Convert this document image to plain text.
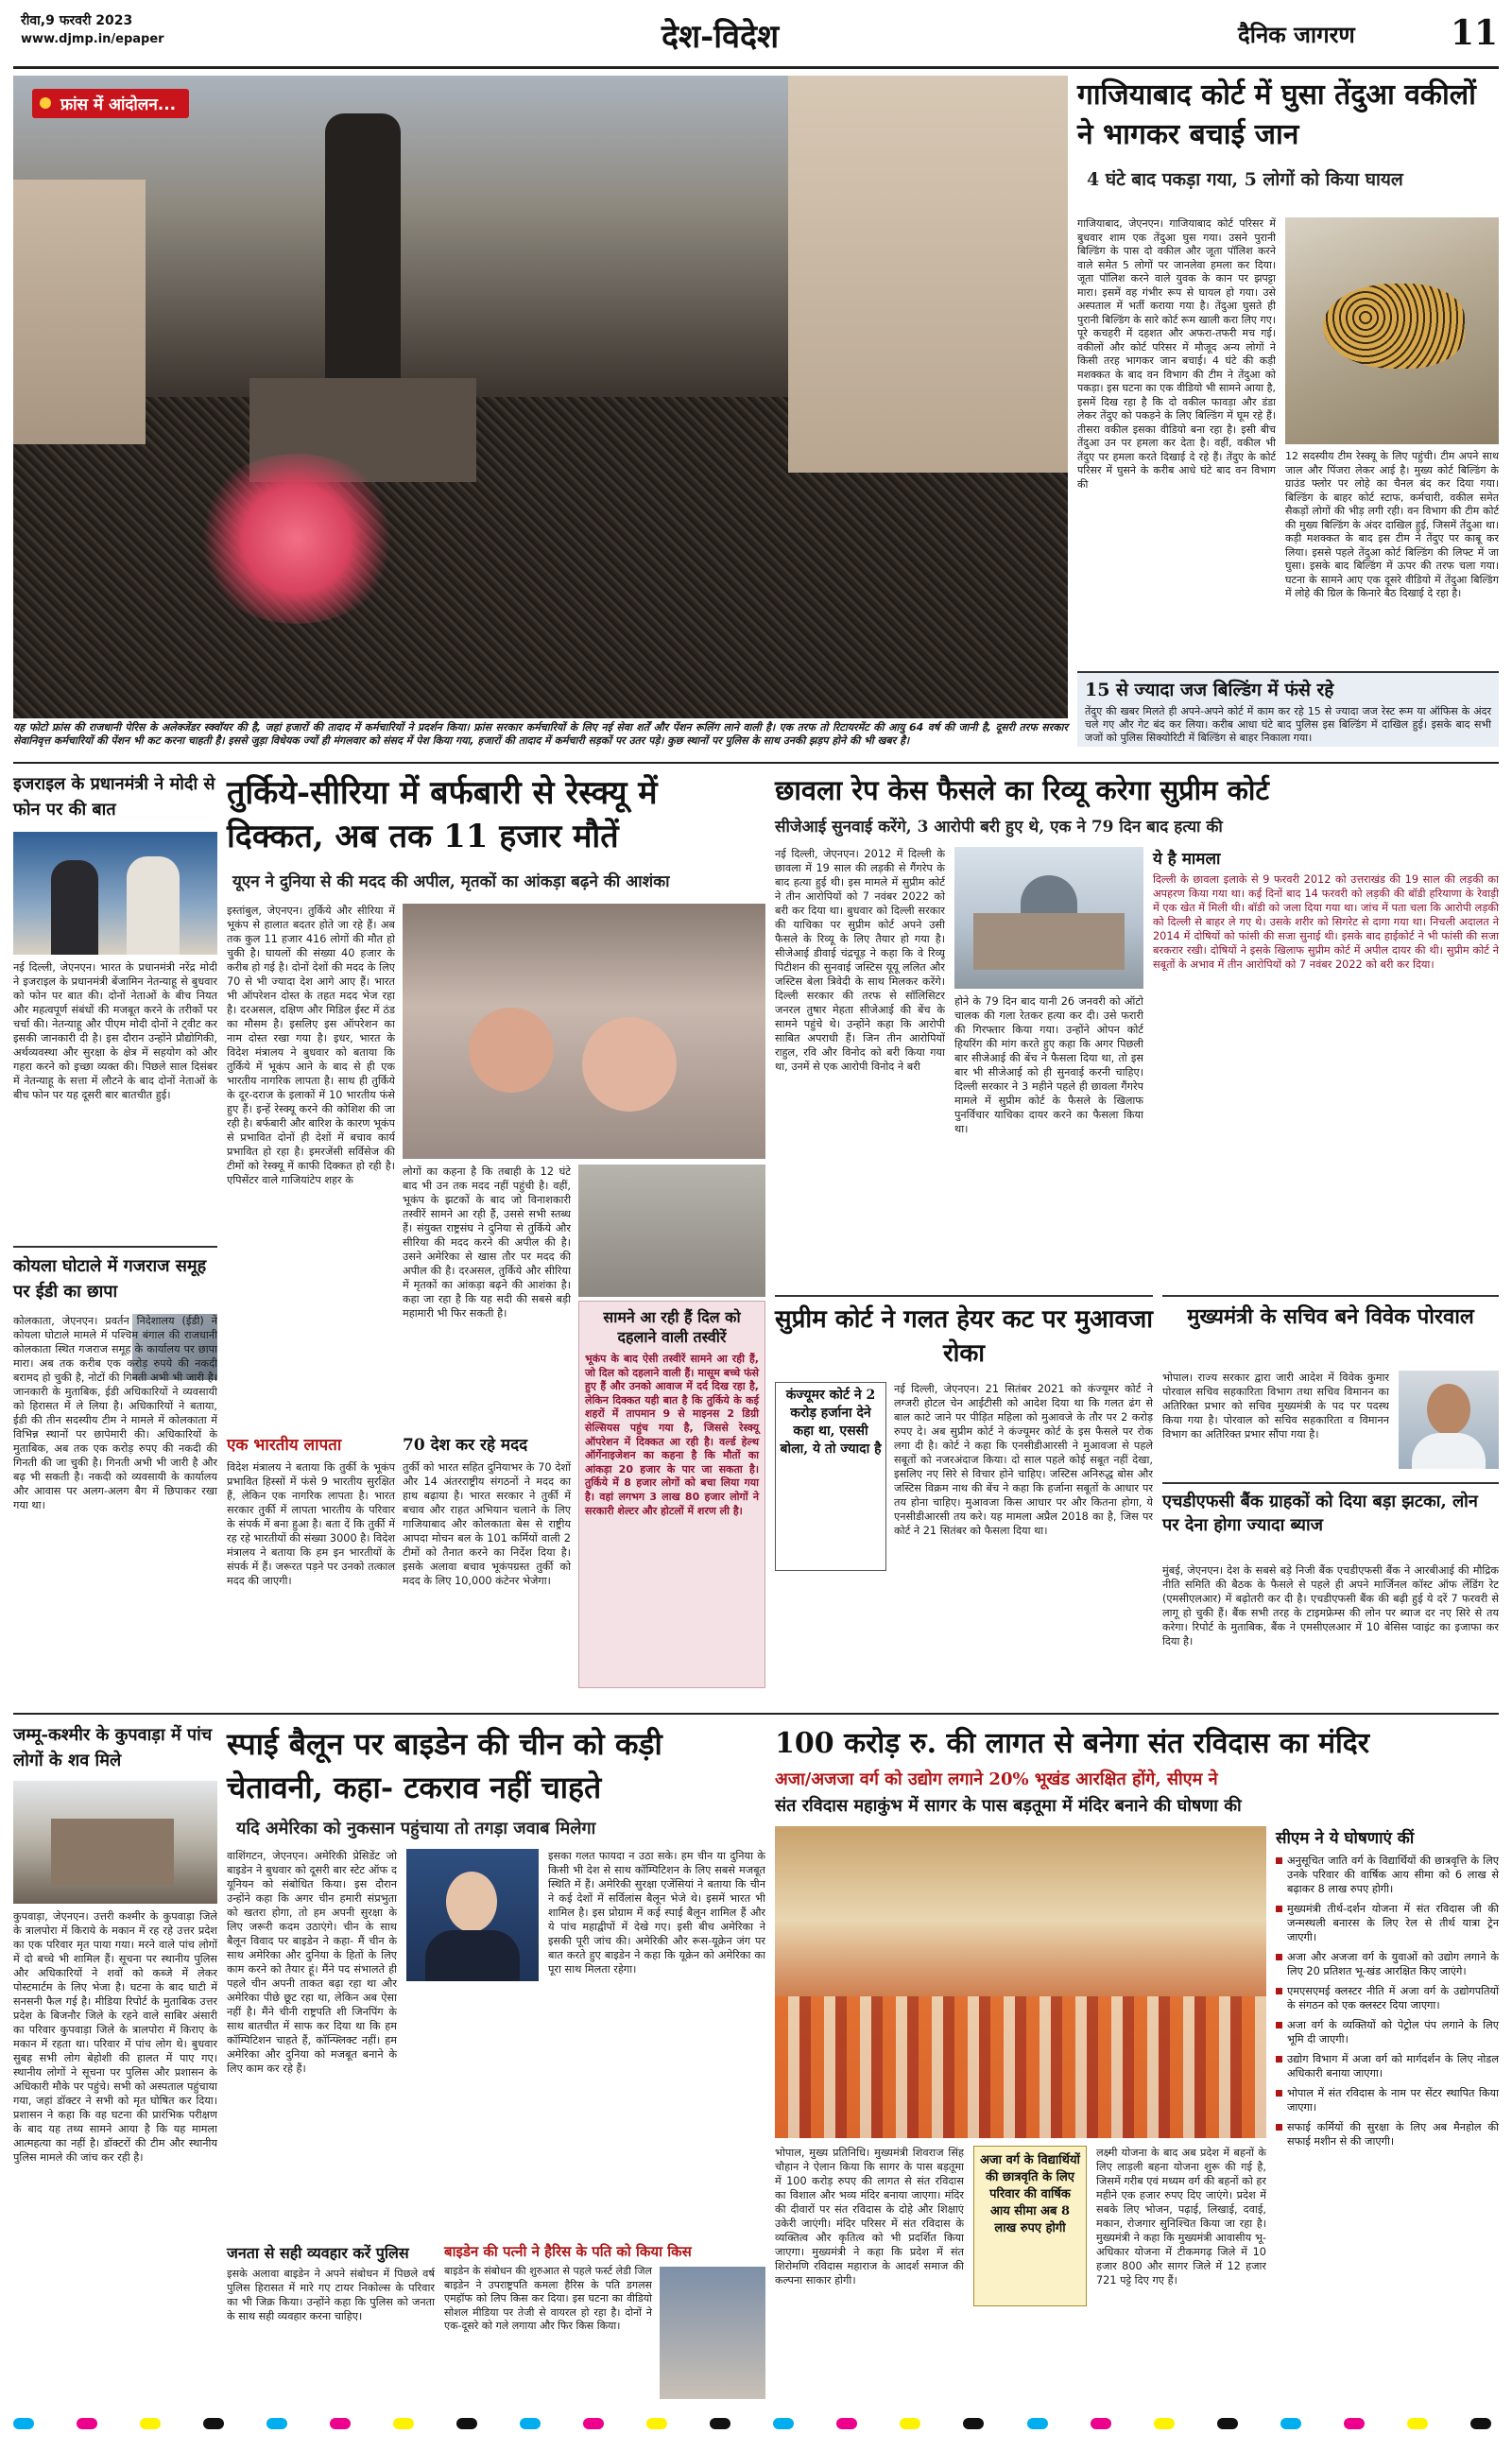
रीवा,9 फरवरी 2023
www.djmp.in/epaper	देश-विदेश	दैनिक जागरण	11
फ्रांस में आंदोलन...
यह फोटो फ्रांस की राजधानी पेरिस के अलेक्जेंडर स्क्वॉयर की है, जहां हजारों की तादाद में कर्मचारियों ने प्रदर्शन किया। फ्रांस सरकार कर्मचारियों के लिए नई सेवा शर्तें और पेंशन रूलिंग लाने वाली है। एक तरफ तो रिटायरमेंट की आयु 64 वर्ष की जानी है, दूसरी तरफ सरकार सेवानिवृत्त कर्मचारियों की पेंशन भी कट करना चाहती है। इससे जुड़ा विधेयक ज्यों ही मंगलवार को संसद में पेश किया गया, हजारों की तादाद में कर्मचारी सड़कों पर उतर पड़े। कुछ स्थानों पर पुलिस के साथ उनकी झड़प होने की भी खबर है।
गाजियाबाद कोर्ट में घुसा तेंदुआ वकीलों ने भागकर बचाई जान
4 घंटे बाद पकड़ा गया, 5 लोगों को किया घायल
गाजियाबाद, जेएनएन। गाजियाबाद कोर्ट परिसर में बुधवार शाम एक तेंदुआ घुस गया। उसने पुरानी बिल्डिंग के पास दो वकील और जूता पॉलिश करने वाले समेत 5 लोगों पर जानलेवा हमला कर दिया। जूता पॉलिश करने वाले युवक के कान पर झपट्टा मारा। इसमें वह गंभीर रूप से घायल हो गया। उसे अस्पताल में भर्ती कराया गया है। तेंदुआ घुसते ही पुरानी बिल्डिंग के सारे कोर्ट रूम खाली करा लिए गए। पूरे कचहरी में दहशत और अफरा-तफरी मच गई। वकीलों और कोर्ट परिसर में मौजूद अन्य लोगों ने किसी तरह भागकर जान बचाई। 4 घंटे की कड़ी मशक्कत के बाद वन विभाग की टीम ने तेंदुआ को पकड़ा। इस घटना का एक वीडियो भी सामने आया है, इसमें दिख रहा है कि दो वकील फावड़ा और डंडा लेकर तेंदुए को पकड़ने के लिए बिल्डिंग में घूम रहे हैं। तीसरा वकील इसका वीडियो बना रहा है। इसी बीच तेंदुआ उन पर हमला कर देता है। वहीं, वकील भी तेंदुए पर हमला करते दिखाई दे रहे हैं। तेंदुए के कोर्ट परिसर में घुसने के करीब आधे घंटे बाद वन विभाग की
12 सदस्यीय टीम रेस्क्यू के लिए पहुंची। टीम अपने साथ जाल और पिंजरा लेकर आई है। मुख्य कोर्ट बिल्डिंग के ग्राउंड फ्लोर पर लोहे का चैनल बंद कर दिया गया। बिल्डिंग के बाहर कोर्ट स्टाफ, कर्मचारी, वकील समेत सैकड़ों लोगों की भीड़ लगी रही। वन विभाग की टीम कोर्ट की मुख्य बिल्डिंग के अंदर दाखिल हुई, जिसमें तेंदुआ था। कड़ी मशक्कत के बाद इस टीम ने तेंदुए पर काबू कर लिया। इससे पहले तेंदुआ कोर्ट बिल्डिंग की लिफ्ट में जा घुसा। इसके बाद बिल्डिंग में ऊपर की तरफ चला गया। घटना के सामने आए एक दूसरे वीडियो में तेंदुआ बिल्डिंग में लोहे की ग्रिल के किनारे बैठ दिखाई दे रहा है।
15 से ज्यादा जज बिल्डिंग में फंसे रहे
तेंदुए की खबर मिलते ही अपने-अपने कोर्ट में काम कर रहे 15 से ज्यादा जज रेस्ट रूम या ऑफिस के अंदर चले गए और गेट बंद कर लिया। करीब आधा घंटे बाद पुलिस इस बिल्डिंग में दाखिल हुई। इसके बाद सभी जजों को पुलिस सिक्योरिटी में बिल्डिंग से बाहर निकाला गया।
इजराइल के प्रधानमंत्री ने मोदी से फोन पर की बात
नई दिल्ली, जेएनएन। भारत के प्रधानमंत्री नरेंद्र मोदी ने इजराइल के प्रधानमंत्री बेंजामिन नेतन्याहू से बुधवार को फोन पर बात की। दोनों नेताओं के बीच नियत और महत्वपूर्ण संबंधों की मजबूत करने के तरीकों पर चर्चा की। नेतन्याहू और पीएम मोदी दोनों ने ट्वीट कर इसकी जानकारी दी है। इस दौरान उन्होंने प्रौद्योगिकी, अर्थव्यवस्था और सुरक्षा के क्षेत्र में सहयोग को और गहरा करने को इच्छा व्यक्त की। पिछले साल दिसंबर में नेतन्याहू के सत्ता में लौटने के बाद दोनों नेताओं के बीच फोन पर यह दूसरी बार बातचीत हुई।
कोयला घोटाले में गजराज समूह पर ईडी का छापा
कोलकाता, जेएनएन। प्रवर्तन निदेशालय (ईडी) ने कोयला घोटाले मामले में पश्चिम बंगाल की राजधानी कोलकाता स्थित गजराज समूह के कार्यालय पर छापा मारा। अब तक करीब एक करोड़ रुपये की नकदी बरामद हो चुकी है, नोटों की गिनती अभी भी जारी है। जानकारी के मुताबिक, ईडी अधिकारियों ने व्यवसायी को हिरासत में ले लिया है। अधिकारियों ने बताया, ईडी की तीन सदस्यीय टीम ने मामले में कोलकाता में विभिन्न स्थानों पर छापेमारी की। अधिकारियों के मुताबिक, अब तक एक करोड़ रुपए की नकदी की गिनती की जा चुकी है। गिनती अभी भी जारी है और बढ़ भी सकती है। नकदी को व्यवसायी के कार्यालय और आवास पर अलग-अलग बैग में छिपाकर रखा गया था।
तुर्किये-सीरिया में बर्फबारी से रेस्क्यू में दिक्कत, अब तक 11 हजार मौतें
यूएन ने दुनिया से की मदद की अपील, मृतकों का आंकड़ा बढ़ने की आशंका
इस्तांबुल, जेएनएन। तुर्किये और सीरिया में भूकंप से हालात बदतर होते जा रहे हैं। अब तक कुल 11 हजार 416 लोगों की मौत हो चुकी है। घायलों की संख्या 40 हजार के करीब हो गई है। दोनों देशों की मदद के लिए 70 से भी ज्यादा देश आगे आए हैं। भारत भी ऑपरेशन दोस्त के तहत मदद भेज रहा है। दरअसल, दक्षिण और मिडिल ईस्ट में ठंड का मौसम है। इसलिए इस ऑपरेशन का नाम दोस्त रखा गया है। इधर, भारत के विदेश मंत्रालय ने बुधवार को बताया कि तुर्किये में भूकंप आने के बाद से ही एक भारतीय नागरिक लापता है। साथ ही तुर्किये के दूर-दराज के इलाकों में 10 भारतीय फंसे हुए हैं। इन्हें रेस्क्यू करने की कोशिश की जा रही है। बर्फबारी और बारिश के कारण भूकंप से प्रभावित दोनों ही देशों में बचाव कार्य प्रभावित हो रहा है। इमरजेंसी सर्विसेज की टीमों को रेस्क्यू में काफी दिक्कत हो रही है। एपिसेंटर वाले गाजियांटेप शहर के
लोगों का कहना है कि तबाही के 12 घंटे बाद भी उन तक मदद नहीं पहुंची है। वहीं, भूकंप के झटकों के बाद जो विनाशकारी तस्वीरें सामने आ रही हैं, उससे सभी स्तब्ध हैं। संयुक्त राष्ट्रसंघ ने दुनिया से तुर्किये और सीरिया की मदद करने की अपील की है। उसने अमेरिका से खास तौर पर मदद की अपील की है। दरअसल, तुर्किये और सीरिया में मृतकों का आंकड़ा बढ़ने की आशंका है। कहा जा रहा है कि यह सदी की सबसे बड़ी महामारी भी फिर सकती है।	सामने आ रही हैं दिल को दहलाने वाली तस्वीरें
भूकंप के बाद ऐसी तस्वीरें सामने आ रही हैं, जो दिल को दहलाने वाली हैं। मासूम बच्चे फंसे हुए हैं और उनको आवाज में दर्द दिख रहा है, लेकिन दिक्कत यही बात है कि तुर्किये के कई शहरों में तापमान 9 से माइनस 2 डिग्री सेल्सियस पहुंच गया है, जिससे रेस्क्यू ऑपरेशन में दिक्कत आ रही है। वर्ल्ड हेल्थ ऑर्गेनाइजेशन का कहना है कि मौतों का आंकड़ा 20 हजार के पार जा सकता है। तुर्किये में 8 हजार लोगों को बचा लिया गया है। वहां लगभग 3 लाख 80 हजार लोगों ने सरकारी शेल्टर और होटलों में शरण ली है।
एक भारतीय लापता
विदेश मंत्रालय ने बताया कि तुर्की के भूकंप प्रभावित हिस्सों में फंसे 9 भारतीय सुरक्षित हैं, लेकिन एक नागरिक लापता है। भारत सरकार तुर्की में लापता भारतीय के परिवार के संपर्क में बना हुआ है। बता दें कि तुर्की में रह रहे भारतीयों की संख्या 3000 है। विदेश मंत्रालय ने बताया कि हम इन भारतीयों के संपर्क में हैं। जरूरत पड़ने पर उनको तत्काल मदद की जाएगी।
70 देश कर रहे मदद
तुर्की को भारत सहित दुनियाभर के 70 देशों और 14 अंतरराष्ट्रीय संगठनों ने मदद का हाथ बढ़ाया है। भारत सरकार ने तुर्की में बचाव और राहत अभियान चलाने के लिए गाजियाबाद और कोलकाता बेस से राष्ट्रीय आपदा मोचन बल के 101 कर्मियों वाली 2 टीमों को तैनात करने का निर्देश दिया है। इसके अलावा बचाव भूकंपग्रस्त तुर्की को मदद के लिए 10,000 कंटेनर भेजेगा।
छावला रेप केस फैसले का रिव्यू करेगा सुप्रीम कोर्ट
सीजेआई सुनवाई करेंगे, 3 आरोपी बरी हुए थे, एक ने 79 दिन बाद हत्या की
नई दिल्ली, जेएनएन। 2012 में दिल्ली के छावला में 19 साल की लड़की से गैंगरेप के बाद हत्या हुई थी। इस मामले में सुप्रीम कोर्ट ने तीन आरोपियों को 7 नवंबर 2022 को बरी कर दिया था। बुधवार को दिल्ली सरकार की याचिका पर सुप्रीम कोर्ट अपने उसी फैसले के रिव्यू के लिए तैयार हो गया है। सीजेआई डीवाई चंद्रचूड़ ने कहा कि वे रिव्यू पिटीशन की सुनवाई जस्टिस यूयू ललित और जस्टिस बेला त्रिवेदी के साथ मिलकर करेंगे। दिल्ली सरकार की तरफ से सॉलिसिटर जनरल तुषार मेहता सीजेआई की बेंच के सामने पहुंचे थे। उन्होंने कहा कि आरोपी साबित अपराधी हैं। जिन तीन आरोपियों राहुल, रवि और विनोद को बरी किया गया था, उनमें से एक आरोपी विनोद ने बरी
होने के 79 दिन बाद यानी 26 जनवरी को ऑटो चालक की गला रेतकर हत्या कर दी। उसे फरारी की गिरफ्तार किया गया। उन्होंने ओपन कोर्ट हियरिंग की मांग करते हुए कहा कि अगर पिछली बार सीजेआई की बेंच ने फैसला दिया था, तो इस बार भी सीजेआई को ही सुनवाई करनी चाहिए। दिल्ली सरकार ने 3 महीने पहले ही छावला गैंगरेप मामले में सुप्रीम कोर्ट के फैसले के खिलाफ पुनर्विचार याचिका दायर करने का फैसला किया था।
ये है मामला
दिल्ली के छावला इलाके से 9 फरवरी 2012 को उत्तराखंड की 19 साल की लड़की का अपहरण किया गया था। कई दिनों बाद 14 फरवरी को लड़की की बॉडी हरियाणा के रेवाड़ी में एक खेत में मिली थी। बॉडी को जला दिया गया था। जांच में पता चला कि आरोपी लड़की को दिल्ली से बाहर ले गए थे। उसके शरीर को सिगरेट से दागा गया था। निचली अदालत ने 2014 में दोषियों को फांसी की सजा सुनाई थी। इसके बाद हाईकोर्ट ने भी फांसी की सजा बरकरार रखी। दोषियों ने इसके खिलाफ सुप्रीम कोर्ट में अपील दायर की थी। सुप्रीम कोर्ट ने सबूतों के अभाव में तीन आरोपियों को 7 नवंबर 2022 को बरी कर दिया।
सुप्रीम कोर्ट ने गलत हेयर कट पर मुआवजा रोका
कंज्यूमर कोर्ट ने 2 करोड़ हर्जाना देने कहा था, एससी बोला, ये तो ज्यादा है
नई दिल्ली, जेएनएन। 21 सितंबर 2021 को कंज्यूमर कोर्ट ने लग्जरी होटल चेन आईटीसी को आदेश दिया था कि गलत ढंग से बाल काटे जाने पर पीड़ित महिला को मुआवजे के तौर पर 2 करोड़ रुपए दे। अब सुप्रीम कोर्ट ने कंज्यूमर कोर्ट के इस फैसले पर रोक लगा दी है। कोर्ट ने कहा कि एनसीडीआरसी ने मुआवजा से पहले सबूतों को नजरअंदाज किया। दो साल पहले कोई सबूत नहीं देखा, इसलिए नए सिरे से विचार होने चाहिए। जस्टिस अनिरुद्ध बोस और जस्टिस विक्रम नाथ की बेंच ने कहा कि हर्जाना सबूतों के आधार पर तय होना चाहिए। मुआवजा किस आधार पर और कितना होगा, ये एनसीडीआरसी तय करे। यह मामला अप्रैल 2018 का है, जिस पर कोर्ट ने 21 सितंबर को फैसला दिया था।
मुख्यमंत्री के सचिव बने विवेक पोरवाल
भोपाल। राज्य सरकार द्वारा जारी आदेश में विवेक कुमार पोरवाल सचिव सहकारिता विभाग तथा सचिव विमानन का अतिरिक्त प्रभार को सचिव मुख्यमंत्री के पद पर पदस्थ किया गया है। पोरवाल को सचिव सहकारिता व विमानन विभाग का अतिरिक्त प्रभार सौंपा गया है।
एचडीएफसी बैंक ग्राहकों को दिया बड़ा झटका, लोन पर देना होगा ज्यादा ब्याज
मुंबई, जेएनएन। देश के सबसे बड़े निजी बैंक एचडीएफसी बैंक ने आरबीआई की मौद्रिक नीति समिति की बैठक के फैसले से पहले ही अपने मार्जिनल कॉस्ट ऑफ लेंडिंग रेट (एमसीएलआर) में बढ़ोतरी कर दी है। एचडीएफसी बैंक की बढ़ी हुई ये दरें 7 फरवरी से लागू हो चुकी हैं। बैंक सभी तरह के टाइमफ्रेम्स की लोन पर ब्याज दर नए सिरे से तय करेगा। रिपोर्ट के मुताबिक, बैंक ने एमसीएलआर में 10 बेसिस प्वाइंट का इजाफा कर दिया है।
जम्मू-कश्मीर के कुपवाड़ा में पांच लोगों के शव मिले
कुपवाड़ा, जेएनएन। उत्तरी कश्मीर के कुपवाड़ा जिले के त्रालपोरा में किराये के मकान में रह रहे उत्तर प्रदेश का एक परिवार मृत पाया गया। मरने वाले पांच लोगों में दो बच्चे भी शामिल हैं। सूचना पर स्थानीय पुलिस और अधिकारियों ने शवों को कब्जे में लेकर पोस्टमार्टम के लिए भेजा है। घटना के बाद घाटी में सनसनी फैल गई है। मीडिया रिपोर्ट के मुताबिक उत्तर प्रदेश के बिजनौर जिले के रहने वाले साबिर अंसारी का परिवार कुपवाड़ा जिले के त्रालपोरा में किराए के मकान में रहता था। परिवार में पांच लोग थे। बुधवार सुबह सभी लोग बेहोशी की हालत में पाए गए। स्थानीय लोगों ने सूचना पर पुलिस और प्रशासन के अधिकारी मौके पर पहुंचे। सभी को अस्पताल पहुंचाया गया, जहां डॉक्टर ने सभी को मृत घोषित कर दिया। प्रशासन ने कहा कि वह घटना की प्रारंभिक परीक्षण के बाद यह तथ्य सामने आया है कि यह मामला आत्महत्या का नहीं है। डॉक्टरों की टीम और स्थानीय पुलिस मामले की जांच कर रही है।
स्पाई बैलून पर बाइडेन की चीन को कड़ी चेतावनी, कहा- टकराव नहीं चाहते
यदि अमेरिका को नुकसान पहुंचाया तो तगड़ा जवाब मिलेगा
वाशिंगटन, जेएनएन। अमेरिकी प्रेसिडेंट जो बाइडेन ने बुधवार को दूसरी बार स्टेट ऑफ द यूनियन को संबोधित किया। इस दौरान उन्होंने कहा कि अगर चीन हमारी संप्रभुता को खतरा होगा, तो हम अपनी सुरक्षा के लिए जरूरी कदम उठाएंगे। चीन के साथ बैलून विवाद पर बाइडेन ने कहा- मैं चीन के साथ अमेरिका और दुनिया के हितों के लिए काम करने को तैयार हूं। मैंने पद संभालते ही पहले चीन अपनी ताकत बढ़ा रहा था और अमेरिका पीछे छूट रहा था, लेकिन अब ऐसा नहीं है। मैंने चीनी राष्ट्रपति शी जिनपिंग के साथ बातचीत में साफ कर दिया था कि हम कॉम्पिटिशन चाहते हैं, कॉन्फ्लिक्ट नहीं। हम अमेरिका और दुनिया को मजबूत बनाने के लिए काम कर रहे हैं।
इसका गलत फायदा न उठा सके। हम चीन या दुनिया के किसी भी देश से साथ कॉम्पिटिशन के लिए सबसे मजबूत स्थिति में हैं। अमेरिकी सुरक्षा एजेंसियां ने बताया कि चीन ने कई देशों में सर्विलांस बैलून भेजे थे। इसमें भारत भी शामिल है। इस प्रोग्राम में कई स्पाई बैलून शामिल हैं और ये पांच महाद्वीपों में देखे गए। इसी बीच अमेरिका ने इसकी पूरी जांच की। अमेरिकी और रूस-यूक्रेन जंग पर बात करते हुए बाइडेन ने कहा कि यूक्रेन को अमेरिका का पूरा साथ मिलता रहेगा।
जनता से सही व्यवहार करें पुलिस
इसके अलावा बाइडेन ने अपने संबोधन में पिछले वर्ष पुलिस हिरासत में मारे गए टायर निकोल्स के परिवार का भी जिक्र किया। उन्होंने कहा कि पुलिस को जनता के साथ सही व्यवहार करना चाहिए।
बाइडेन की पत्नी ने हैरिस के पति को किया किस
बाइडेन के संबोधन की शुरुआत से पहले फर्स्ट लेडी जिल बाइडेन ने उपराष्ट्रपति कमला हैरिस के पति डगलस एमहॉफ को लिप किस कर दिया। इस घटना का वीडियो सोशल मीडिया पर तेजी से वायरल हो रहा है। दोनों ने एक-दूसरे को गले लगाया और फिर किस किया।
100 करोड़ रु. की लागत से बनेगा संत रविदास का मंदिर
अजा/अजजा वर्ग को उद्योग लगाने 20% भूखंड आरक्षित होंगे, सीएम ने
संत रविदास महाकुंभ में सागर के पास बड़तूमा में मंदिर बनाने की घोषणा की
भोपाल, मुख्य प्रतिनिधि। मुख्यमंत्री शिवराज सिंह चौहान ने ऐलान किया कि सागर के पास बड़तूमा में 100 करोड़ रुपए की लागत से संत रविदास का विशाल और भव्य मंदिर बनाया जाएगा। मंदिर की दीवारों पर संत रविदास के दोहे और शिक्षाएं उकेरी जाएंगी। मंदिर परिसर में संत रविदास के व्यक्तित्व और कृतित्व को भी प्रदर्शित किया जाएगा। मुख्यमंत्री ने कहा कि प्रदेश में संत शिरोमणि रविदास महाराज के आदर्श समाज की कल्पना साकार होगी।
अजा वर्ग के विद्यार्थियों की छात्रवृति के लिए परिवार की वार्षिक आय सीमा अब 8 लाख रुपए होगी
लक्ष्मी योजना के बाद अब प्रदेश में बहनों के लिए लाड़ली बहना योजना शुरू की गई है, जिसमें गरीब एवं मध्यम वर्ग की बहनों को हर महीने एक हजार रुपए दिए जाएंगे। प्रदेश में सबके लिए भोजन, पढ़ाई, लिखाई, दवाई, मकान, रोजगार सुनिश्चित किया जा रहा है। मुख्यमंत्री ने कहा कि मुख्यमंत्री आवासीय भू-अधिकार योजना में टीकमगढ़ जिले में 10 हजार 800 और सागर जिले में 12 हजार 721 पट्टे दिए गए हैं।
सीएम ने ये घोषणाएं कीं
अनुसूचित जाति वर्ग के विद्यार्थियों की छात्रवृत्ति के लिए उनके परिवार की वार्षिक आय सीमा को 6 लाख से बढ़ाकर 8 लाख रुपए होगी।
मुख्यमंत्री तीर्थ-दर्शन योजना में संत रविदास जी की जन्मस्थली बनारस के लिए रेल से तीर्थ यात्रा ट्रेन जाएगी।
अजा और अजजा वर्ग के युवाओं को उद्योग लगाने के लिए 20 प्रतिशत भू-खंड आरक्षित किए जाएंगे।
एमएसएमई क्लस्टर नीति में अजा वर्ग के उद्योगपतियों के संगठन को एक क्लस्टर दिया जाएगा।
अजा वर्ग के व्यक्तियों को पेट्रोल पंप लगाने के लिए भूमि दी जाएगी।
उद्योग विभाग में अजा वर्ग को मार्गदर्शन के लिए नोडल अधिकारी बनाया जाएगा।
भोपाल में संत रविदास के नाम पर सेंटर स्थापित किया जाएगा।
सफाई कर्मियों की सुरक्षा के लिए अब मैनहोल की सफाई मशीन से की जाएगी।
